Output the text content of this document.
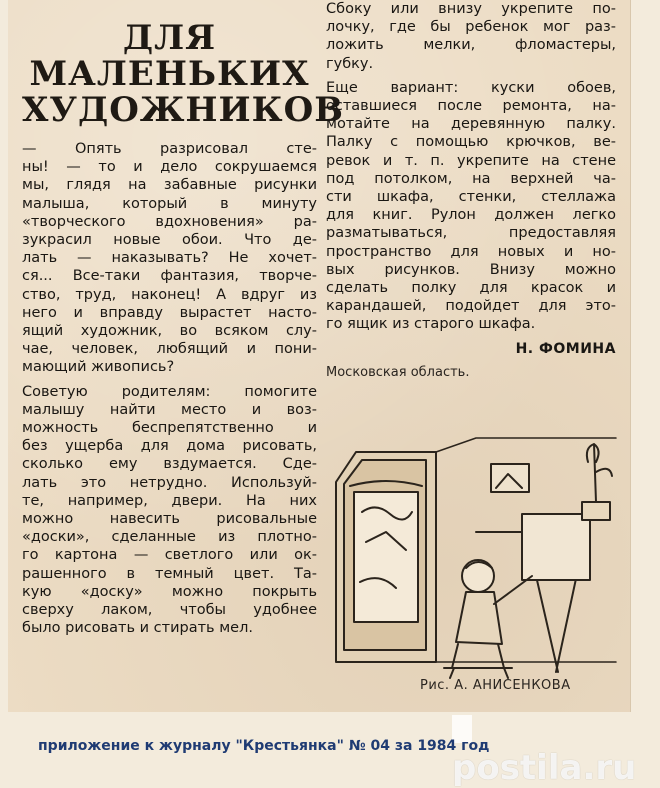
ДЛЯ
МАЛЕНЬКИХ
ХУДОЖНИКОВ

— Опять разрисовал сте-
ны! — то и дело сокрушаемся
мы, глядя на забавные рисунки
малыша, который в минуту
«творческого вдохновения» ра-
зукрасил новые обои. Что де-
лать — наказывать? Не хочет-
ся... Все-таки фантазия, творче-
ство, труд, наконец! А вдруг из
него и вправду вырастет насто-
ящий художник, во всяком слу-
чае, человек, любящий и пони-
мающий живопись?

Советую родителям: помогите
малышу найти место и воз-
можность беспрепятственно и
без ущерба для дома рисовать,
сколько ему вздумается. Сде-
лать это нетрудно. Используй-
те, например, двери. На них
можно навесить рисовальные
«доски», сделанные из плотно-
го картона — светлого или ок-
рашенного в темный цвет. Та-
кую «доску» можно покрыть
сверху лаком, чтобы удобнее
было рисовать и стирать мел.

Сбоку или внизу укрепите по-
лочку, где бы ребенок мог раз-
ложить мелки, фломастеры,
губку.

Еще вариант: куски обоев,
оставшиеся после ремонта, на-
мотайте на деревянную палку.
Палку с помощью крючков, ве-
ревок и т. п. укрепите на стене
под потолком, на верхней ча-
сти шкафа, стенки, стеллажа
для книг. Рулон должен легко
разматываться, предоставляя
пространство для новых и но-
вых рисунков. Внизу можно
сделать полку для красок и
карандашей, подойдет для это-
го ящик из старого шкафа.

Н. ФОМИНА
Московская область.
Рис. А. АНИСЕНКОВА
postila.ru
приложение к журналу "Крестьянка" № 04 за 1984 год
